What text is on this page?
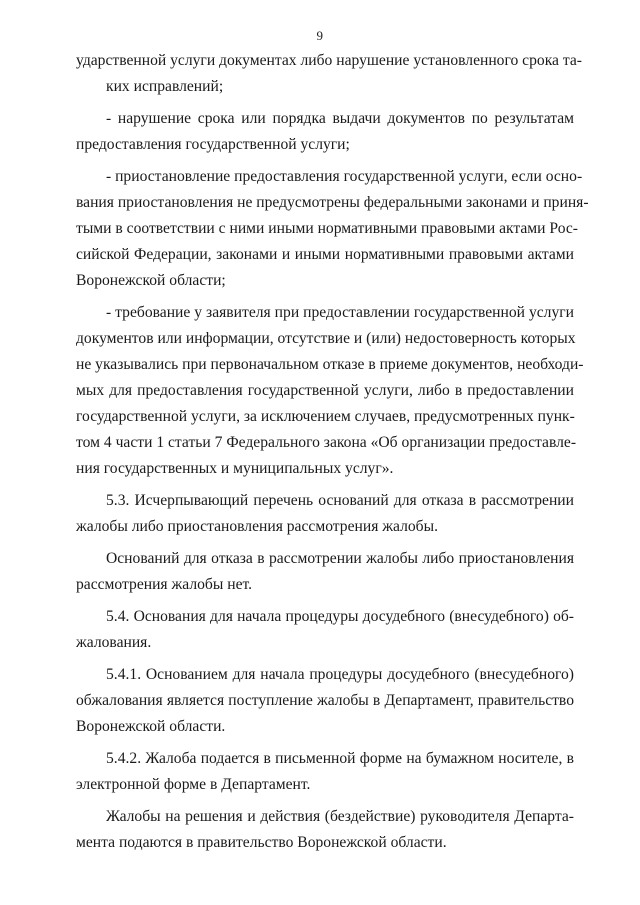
9
ударственной услуги документах либо нарушение установленного срока та-
ких исправлений;
- нарушение срока или порядка выдачи документов по результатам
предоставления государственной услуги;
- приостановление предоставления государственной услуги, если осно-
вания приостановления не предусмотрены федеральными законами и приня-
тыми в соответствии с ними иными нормативными правовыми актами Рос-
сийской Федерации, законами и иными нормативными правовыми актами
Воронежской области;
- требование у заявителя при предоставлении государственной услуги
документов или информации, отсутствие и (или) недостоверность которых
не указывались при первоначальном отказе в приеме документов, необходи-
мых для предоставления государственной услуги, либо в предоставлении
государственной услуги, за исключением случаев, предусмотренных пунк-
том 4 части 1 статьи 7 Федерального закона «Об организации предоставле-
ния государственных и муниципальных услуг».
5.3. Исчерпывающий перечень оснований для отказа в рассмотрении
жалобы либо приостановления рассмотрения жалобы.
Оснований для отказа в рассмотрении жалобы либо приостановления
рассмотрения жалобы нет.
5.4. Основания для начала процедуры досудебного (внесудебного) об-
жалования.
5.4.1. Основанием для начала процедуры досудебного (внесудебного)
обжалования является поступление жалобы в Департамент, правительство
Воронежской области.
5.4.2. Жалоба подается в письменной форме на бумажном носителе, в
электронной форме в Департамент.
Жалобы на решения и действия (бездействие) руководителя Департа-
мента подаются в правительство Воронежской области.
